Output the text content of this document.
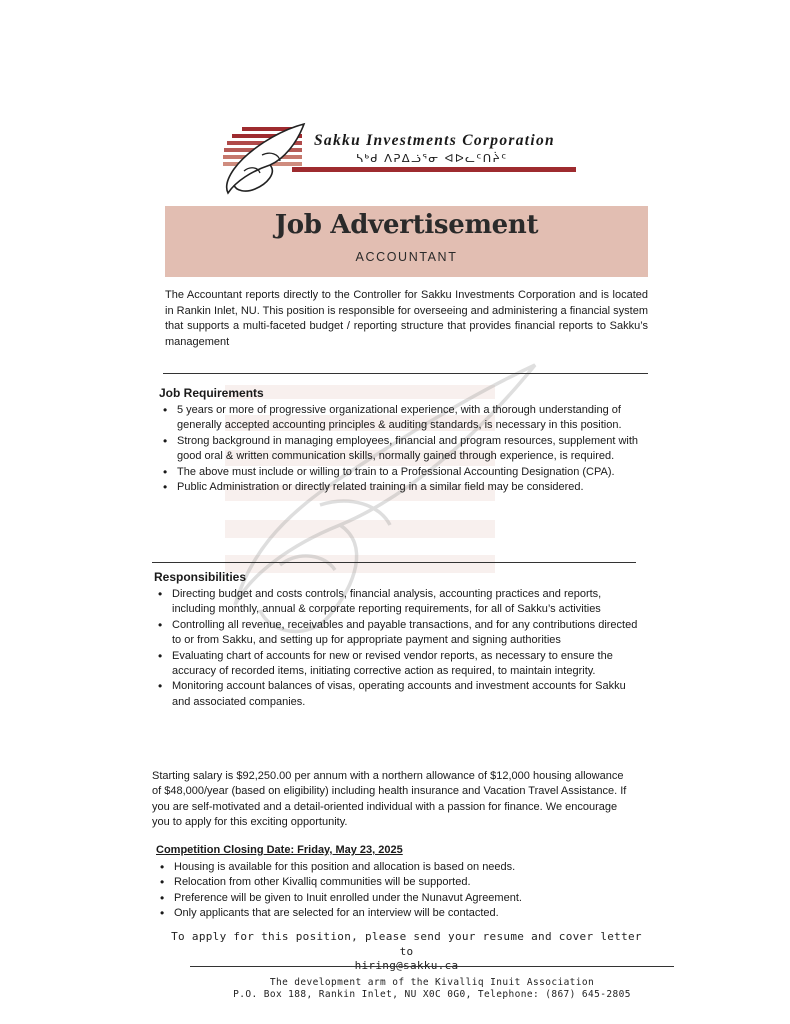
Sakku Investments Corporation
ᓴᒃᑯ ᐱᕈᐃᓘᕐᓂ ᐊᐅᓚᑦᑎᔩᑦ
Job Advertisement
ACCOUNTANT
The Accountant reports directly to the Controller for Sakku Investments Corporation and is located in Rankin Inlet, NU. This position is responsible for overseeing and administering a financial system that supports a multi-faceted budget / reporting structure that provides financial reports to Sakku’s management
Job Requirements
• 5 years or more of progressive organizational experience, with a thorough understanding of generally accepted accounting principles & auditing standards, is necessary in this position.
• Strong background in managing employees, financial and program resources, supplement with good oral & written communication skills, normally gained through experience, is required.
• The above must include or willing to train to a Professional Accounting Designation (CPA).
• Public Administration or directly related training in a similar field may be considered.
Responsibilities
• Directing budget and costs controls, financial analysis, accounting practices and reports, including monthly, annual & corporate reporting requirements, for all of Sakku’s activities
• Controlling all revenue, receivables and payable transactions, and for any contributions directed to or from Sakku, and setting up for appropriate payment and signing authorities
• Evaluating chart of accounts for new or revised vendor reports, as necessary to ensure the accuracy of recorded items, initiating corrective action as required, to maintain integrity.
• Monitoring account balances of visas, operating accounts and investment accounts for Sakku and associated companies.
Starting salary is $92,250.00 per annum with a northern allowance of $12,000 housing allowance of $48,000/year (based on eligibility) including health insurance and Vacation Travel Assistance. If you are self-motivated and a detail-oriented individual with a passion for finance. We encourage you to apply for this exciting opportunity.
Competition Closing Date: Friday, May 23, 2025
• Housing is available for this position and allocation is based on needs.
• Relocation from other Kivalliq communities will be supported.
• Preference will be given to Inuit enrolled under the Nunavut Agreement.
• Only applicants that are selected for an interview will be contacted.
To apply for this position, please send your resume and cover letter to
hiring@sakku.ca
The development arm of the Kivalliq Inuit Association
P.O. Box 188, Rankin Inlet, NU X0C 0G0, Telephone: (867) 645-2805
